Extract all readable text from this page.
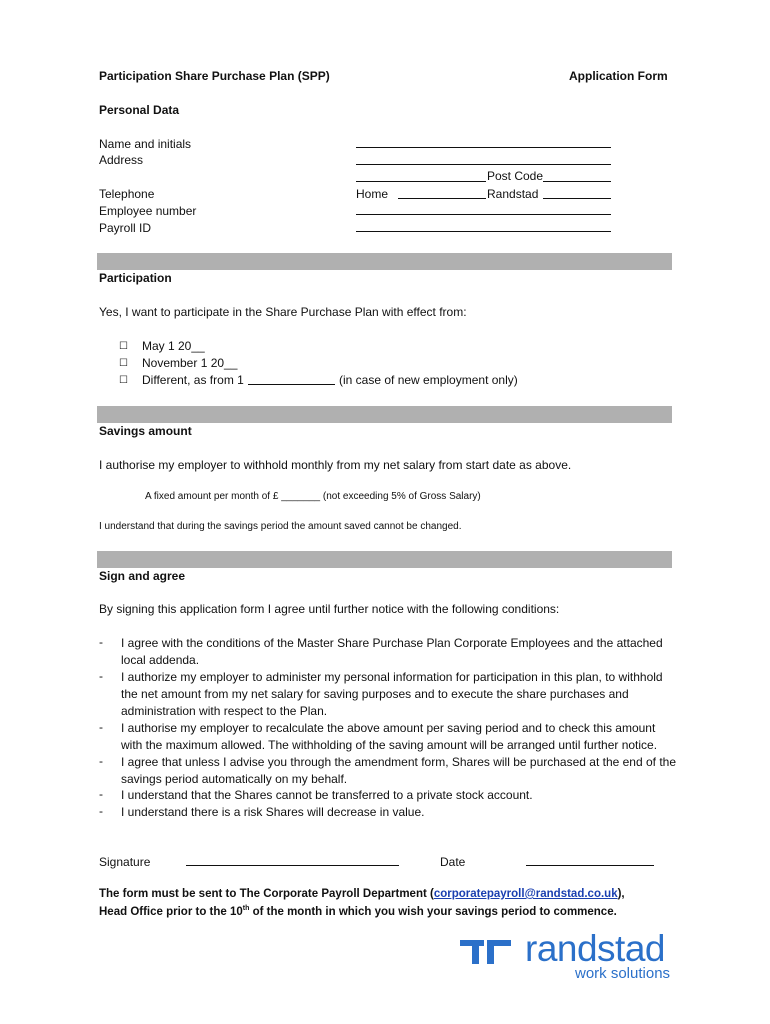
Participation Share Purchase Plan (SPP)	Application Form
Personal Data
Name and initials
Address
Post Code
Telephone	Home	Randstad
Employee number
Payroll ID
Participation
Yes, I want to participate in the Share Purchase Plan with effect from:
☐ May 1 20__
☐ November 1 20__
☐ Different, as from 1	(in case of new employment only)
Savings amount
I authorise my employer to withhold monthly from my net salary from start date as above.
A fixed amount per month of £ _______ (not exceeding 5% of Gross Salary)
I understand that during the savings period the amount saved cannot be changed.
Sign and agree
By signing this application form I agree until further notice with the following conditions:
- I agree with the conditions of the Master Share Purchase Plan Corporate Employees and the attached local addenda.
- I authorize my employer to administer my personal information for participation in this plan, to withhold the net amount from my net salary for saving purposes and to execute the share purchases and administration with respect to the Plan.
- I authorise my employer to recalculate the above amount per saving period and to check this amount with the maximum allowed. The withholding of the saving amount will be arranged until further notice.
- I agree that unless I advise you through the amendment form, Shares will be purchased at the end of the savings period automatically on my behalf.
- I understand that the Shares cannot be transferred to a private stock account.
- I understand there is a risk Shares will decrease in value.
Signature	Date
The form must be sent to The Corporate Payroll Department (corporatepayroll@randstad.co.uk),
Head Office prior to the 10th of the month in which you wish your savings period to commence.
randstad
work solutions
